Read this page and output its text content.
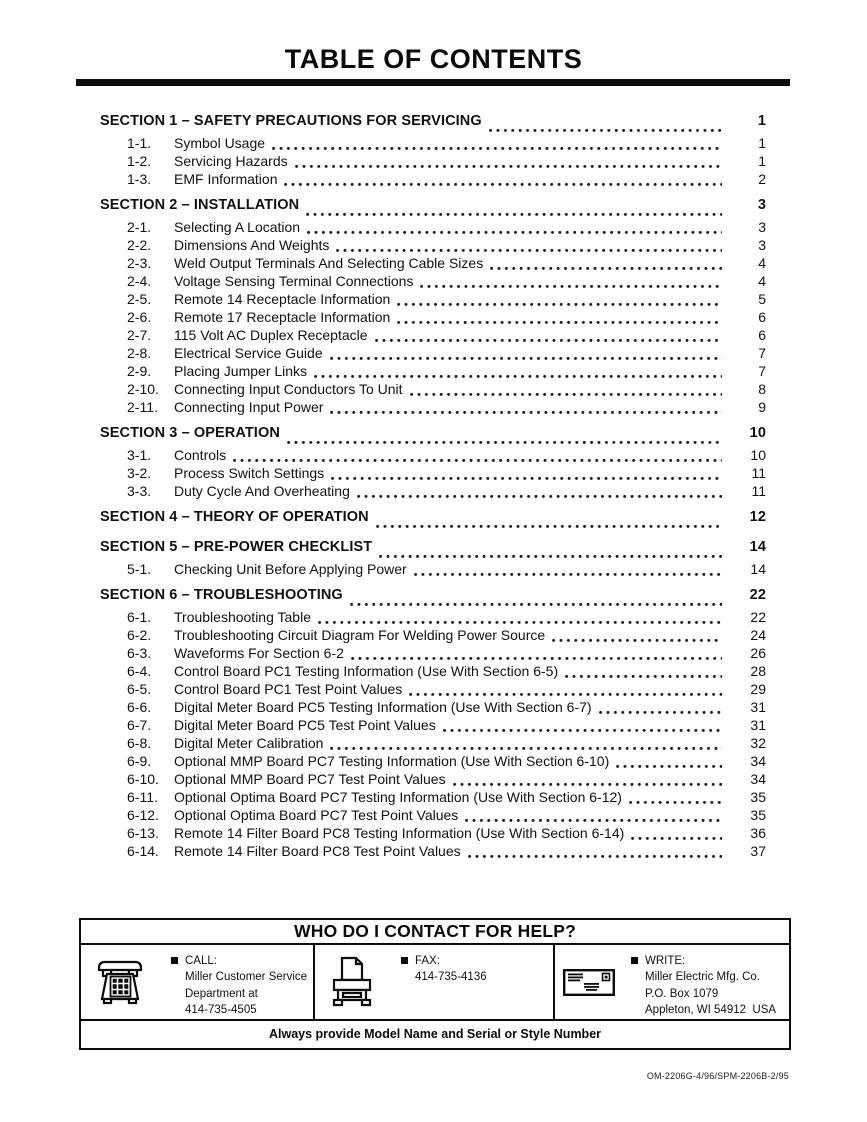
TABLE OF CONTENTS
SECTION 1 – SAFETY PRECAUTIONS FOR SERVICING	1
1-1.	Symbol Usage	1
1-2.	Servicing Hazards	1
1-3.	EMF Information	2
SECTION 2 – INSTALLATION	3
2-1.	Selecting A Location	3
2-2.	Dimensions And Weights	3
2-3.	Weld Output Terminals And Selecting Cable Sizes	4
2-4.	Voltage Sensing Terminal Connections	4
2-5.	Remote 14 Receptacle Information	5
2-6.	Remote 17 Receptacle Information	6
2-7.	115 Volt AC Duplex Receptacle	6
2-8.	Electrical Service Guide	7
2-9.	Placing Jumper Links	7
2-10.	Connecting Input Conductors To Unit	8
2-11.	Connecting Input Power	9
SECTION 3 – OPERATION	10
3-1.	Controls	10
3-2.	Process Switch Settings	11
3-3.	Duty Cycle And Overheating	11
SECTION 4 – THEORY OF OPERATION	12
SECTION 5 – PRE-POWER CHECKLIST	14
5-1.	Checking Unit Before Applying Power	14
SECTION 6 – TROUBLESHOOTING	22
6-1.	Troubleshooting Table	22
6-2.	Troubleshooting Circuit Diagram For Welding Power Source	24
6-3.	Waveforms For Section 6-2	26
6-4.	Control Board PC1 Testing Information (Use With Section 6-5)	28
6-5.	Control Board PC1 Test Point Values	29
6-6.	Digital Meter Board PC5 Testing Information (Use With Section 6-7)	31
6-7.	Digital Meter Board PC5 Test Point Values	31
6-8.	Digital Meter Calibration	32
6-9.	Optional MMP Board PC7 Testing Information (Use With Section 6-10)	34
6-10.	Optional MMP Board PC7 Test Point Values	34
6-11.	Optional Optima Board PC7 Testing Information (Use With Section 6-12)	35
6-12.	Optional Optima Board PC7 Test Point Values	35
6-13.	Remote 14 Filter Board PC8 Testing Information (Use With Section 6-14)	36
6-14.	Remote 14 Filter Board PC8 Test Point Values	37
WHO DO I CONTACT FOR HELP?
CALL:
Miller Customer Service
Department at
414-735-4505
FAX:
414-735-4136
WRITE:
Miller Electric Mfg. Co.
P.O. Box 1079
Appleton, WI 54912  USA
Always provide Model Name and Serial or Style Number
OM-2206G-4/96/SPM-2206B-2/95
